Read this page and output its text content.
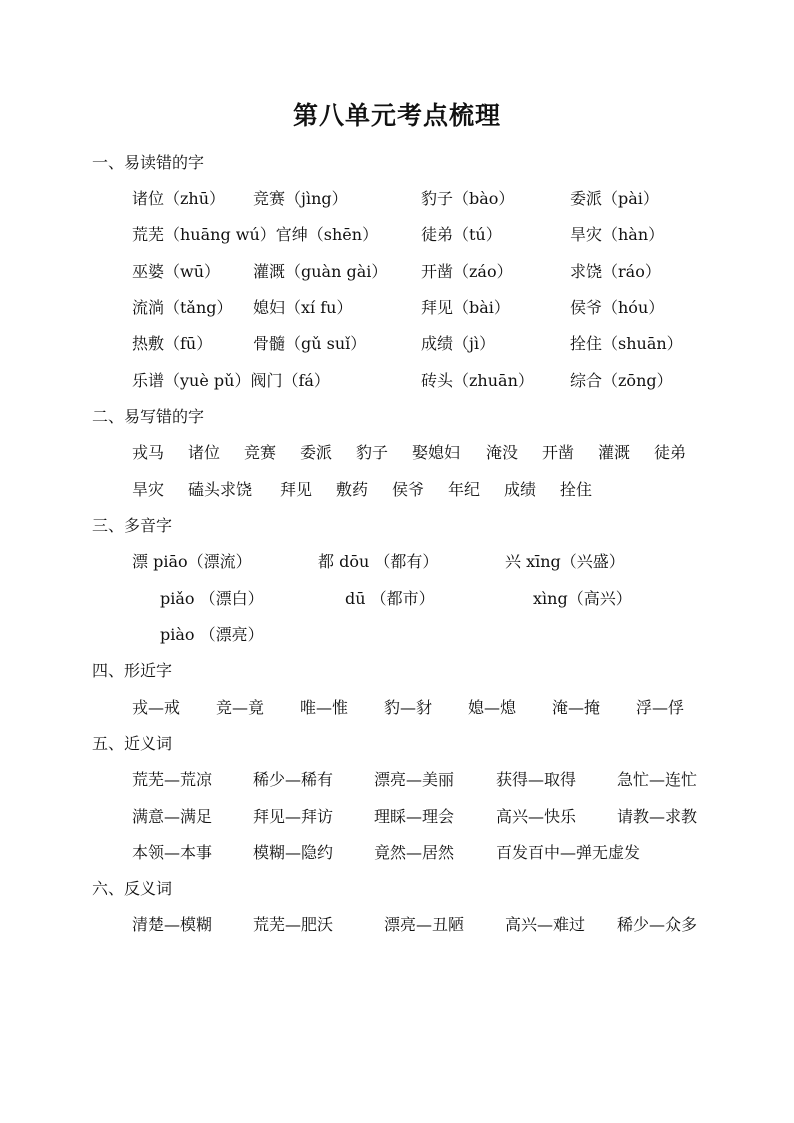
第八单元考点梳理
一、易读错的字
诸位（zhū） 竞赛（jìng）	豹子（bào）	委派（pài）
荒芜（huāng wú）官绅（shēn）	徒弟（tú）	旱灾（hàn）
巫婆（wū） 灌溉（guàn gài） 开凿（záo）	求饶（ráo）
流淌（tǎng） 媳妇（xí fu）	拜见（bài）	侯爷（hóu）
热敷（fū）	骨髓（gǔ suǐ）	成绩（jì）	拴住（shuān）
乐谱（yuè pǔ）阀门（fá）	砖头（zhuān） 综合（zōng）
二、易写错的字
戎马 诸位 竞赛 委派 豹子 娶媳妇 淹没 开凿 灌溉 徒弟
旱灾 磕头求饶 拜见 敷药 侯爷 年纪 成绩 拴住
三、多音字
漂 piāo（漂流）	都 dōu （都有）	兴 xīng（兴盛）
piǎo （漂白）	dū （都市）	xìng（高兴）
piào （漂亮）
四、形近字
戎—戒 竞—竟 唯—惟 豹—豺 媳—熄 淹—掩 浮—俘
五、近义词
荒芜—荒凉	稀少—稀有	漂亮—美丽	获得—取得	急忙—连忙
满意—满足	拜见—拜访	理睬—理会	高兴—快乐	请教—求教
本领—本事	模糊—隐约	竟然—居然	百发百中—弹无虚发
六、反义词
清楚—模糊	荒芜—肥沃	漂亮—丑陋	高兴—难过 稀少—众多
